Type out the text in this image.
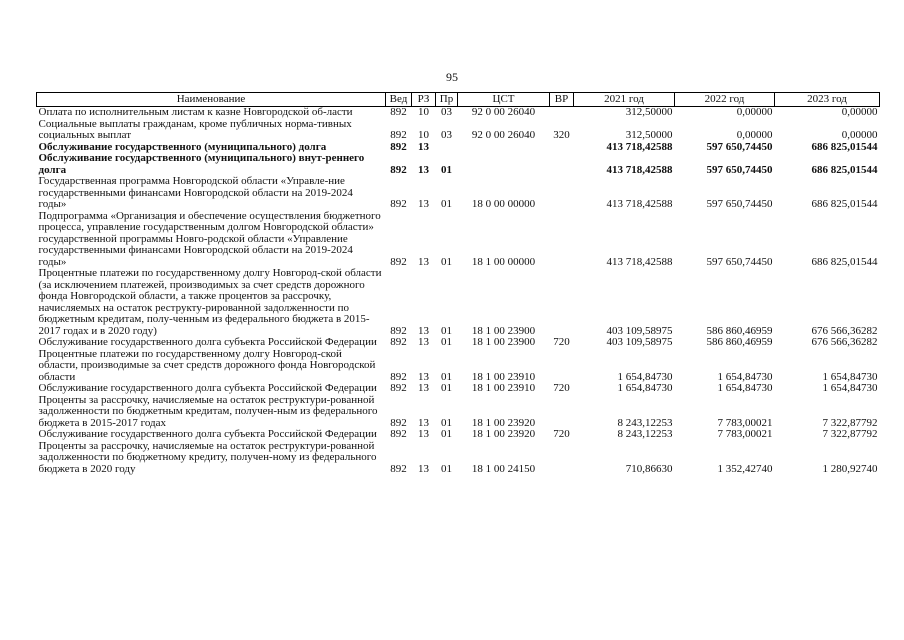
95
Наименование	Вед	РЗ	Пр	ЦСТ	ВР	2021 год	2022 год	2023 год
Оплата по исполнительным листам к казне Новгородской об-ласти	892	10	03	92 0 00 26040		312,50000	0,00000	0,00000
Социальные выплаты гражданам, кроме публичных норма-тивных социальных выплат	892	10	03	92 0 00 26040	320	312,50000	0,00000	0,00000
Обслуживание государственного (муниципального) долга	892	13				413 718,42588	597 650,74450	686 825,01544
Обслуживание государственного (муниципального) внут-реннего долга	892	13	01			413 718,42588	597 650,74450	686 825,01544
Государственная программа Новгородской области «Управле-ние государственными финансами Новгородской области на 2019-2024 годы»	892	13	01	18 0 00 00000		413 718,42588	597 650,74450	686 825,01544
Подпрограмма «Организация и обеспечение осуществления бюджетного процесса, управление государственным долгом Новгородской области» государственной программы Новго-родской области «Управление государственными финансами Новгородской области на 2019-2024 годы»	892	13	01	18 1 00 00000		413 718,42588	597 650,74450	686 825,01544
Процентные платежи по государственному долгу Новгород-ской области (за исключением платежей, производимых за счет средств дорожного фонда Новгородской области, а также процентов за рассрочку, начисляемых на остаток реструкту-рированной задолженности по бюджетным кредитам, полу-ченным из федерального бюджета в 2015-2017 годах и в 2020 году)	892	13	01	18 1 00 23900		403 109,58975	586 860,46959	676 566,36282
Обслуживание государственного долга субъекта Российской Федерации	892	13	01	18 1 00 23900	720	403 109,58975	586 860,46959	676 566,36282
Процентные платежи по государственному долгу Новгород-ской области, производимые за счет средств дорожного фонда Новгородской области	892	13	01	18 1 00 23910		1 654,84730	1 654,84730	1 654,84730
Обслуживание государственного долга субъекта Российской Федерации	892	13	01	18 1 00 23910	720	1 654,84730	1 654,84730	1 654,84730
Проценты за рассрочку, начисляемые на остаток реструктури-рованной задолженности по бюджетным кредитам, получен-ным из федерального бюджета в 2015-2017 годах	892	13	01	18 1 00 23920		8 243,12253	7 783,00021	7 322,87792
Обслуживание государственного долга субъекта Российской Федерации	892	13	01	18 1 00 23920	720	8 243,12253	7 783,00021	7 322,87792
Проценты за рассрочку, начисляемые на остаток реструктури-рованной задолженности по бюджетному кредиту, получен-ному из федерального бюджета в 2020 году	892	13	01	18 1 00 24150		710,86630	1 352,42740	1 280,92740
